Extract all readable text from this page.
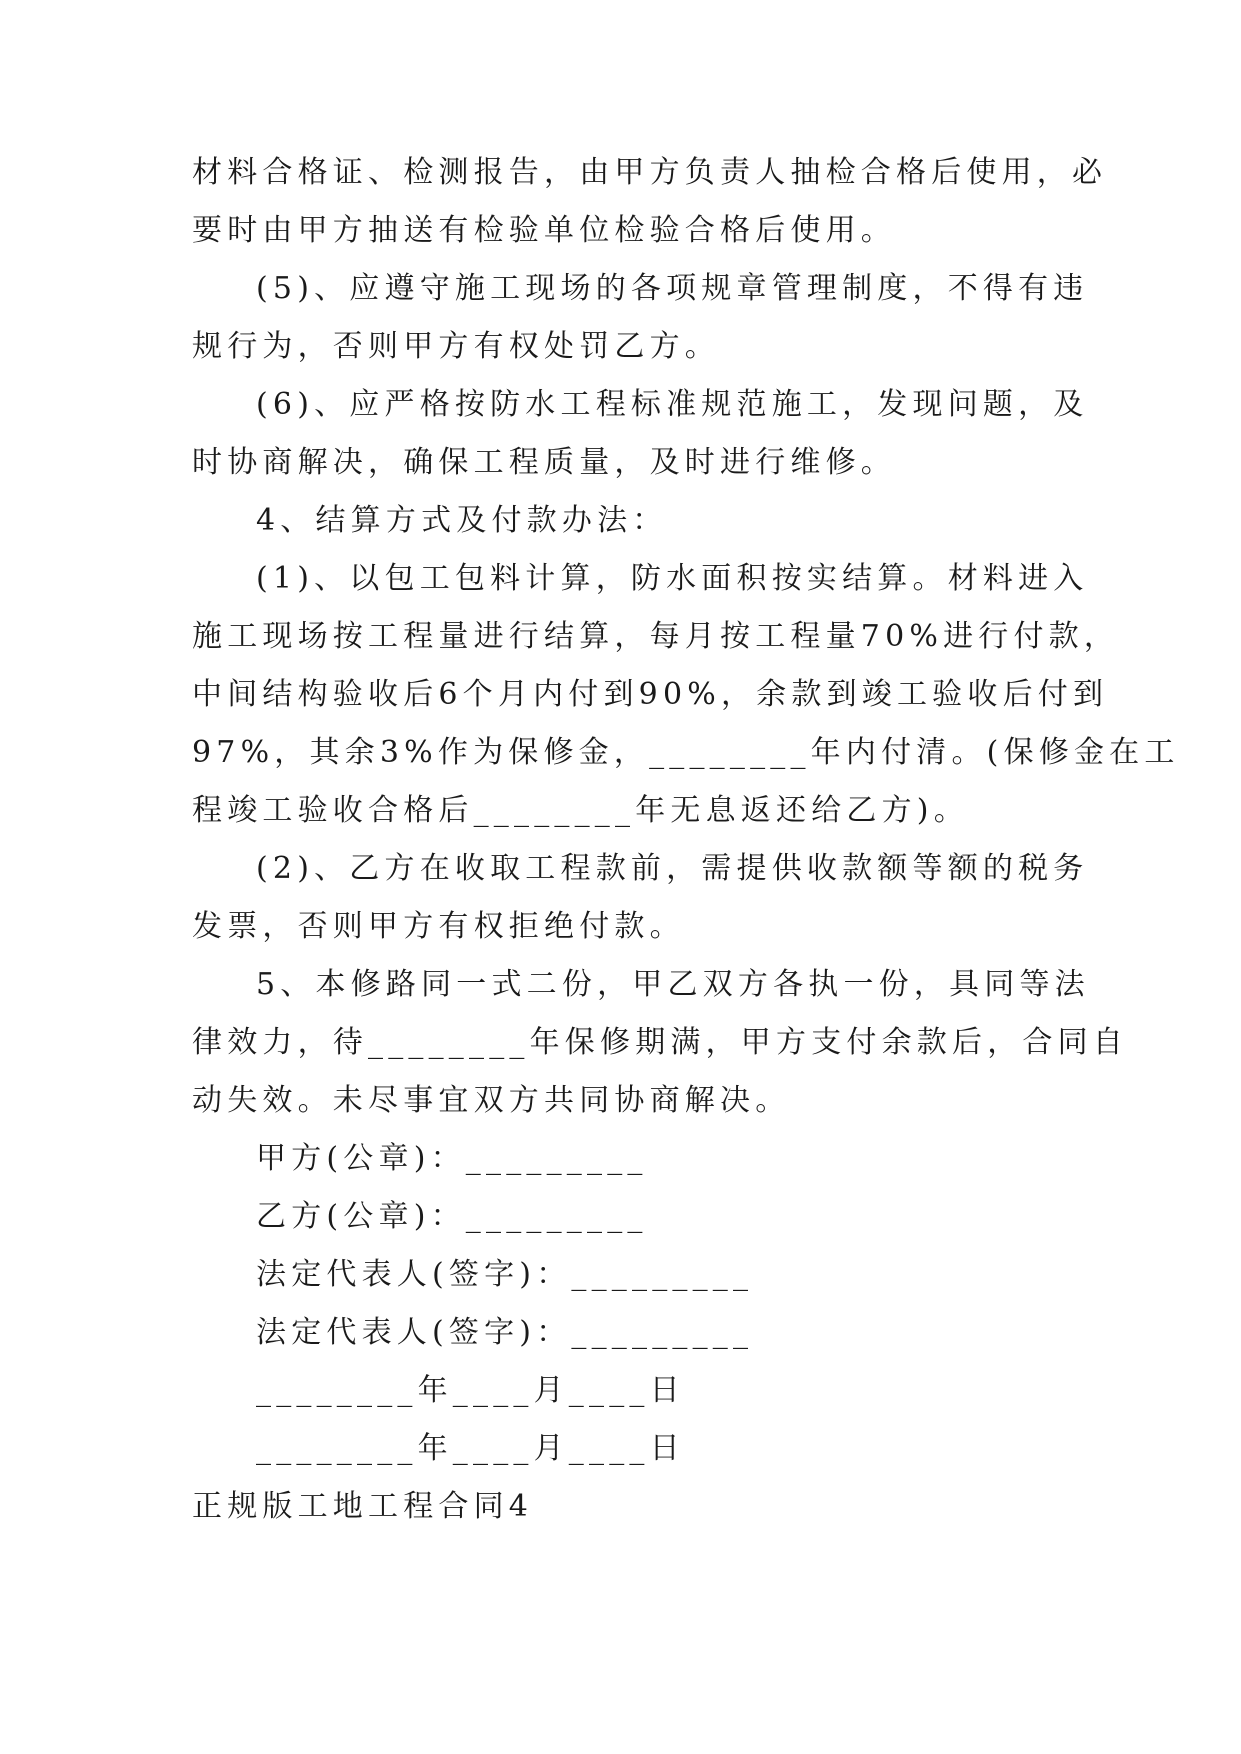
材料合格证、检测报告，由甲方负责人抽检合格后使用，必
要时由甲方抽送有检验单位检验合格后使用。
(5)、应遵守施工现场的各项规章管理制度，不得有违
规行为，否则甲方有权处罚乙方。
(6)、应严格按防水工程标准规范施工，发现问题，及
时协商解决，确保工程质量，及时进行维修。
4、结算方式及付款办法：
(1)、以包工包料计算，防水面积按实结算。材料进入
施工现场按工程量进行结算，每月按工程量70%进行付款，
中间结构验收后6个月内付到90%，余款到竣工验收后付到
97%，其余3%作为保修金，________年内付清。(保修金在工
程竣工验收合格后________年无息返还给乙方)。
(2)、乙方在收取工程款前，需提供收款额等额的税务
发票，否则甲方有权拒绝付款。
5、本修路同一式二份，甲乙双方各执一份，具同等法
律效力，待________年保修期满，甲方支付余款后，合同自
动失效。未尽事宜双方共同协商解决。
甲方(公章)：_________
乙方(公章)：_________
法定代表人(签字)：_________
法定代表人(签字)：_________
________年____月____日
________年____月____日
正规版工地工程合同4
